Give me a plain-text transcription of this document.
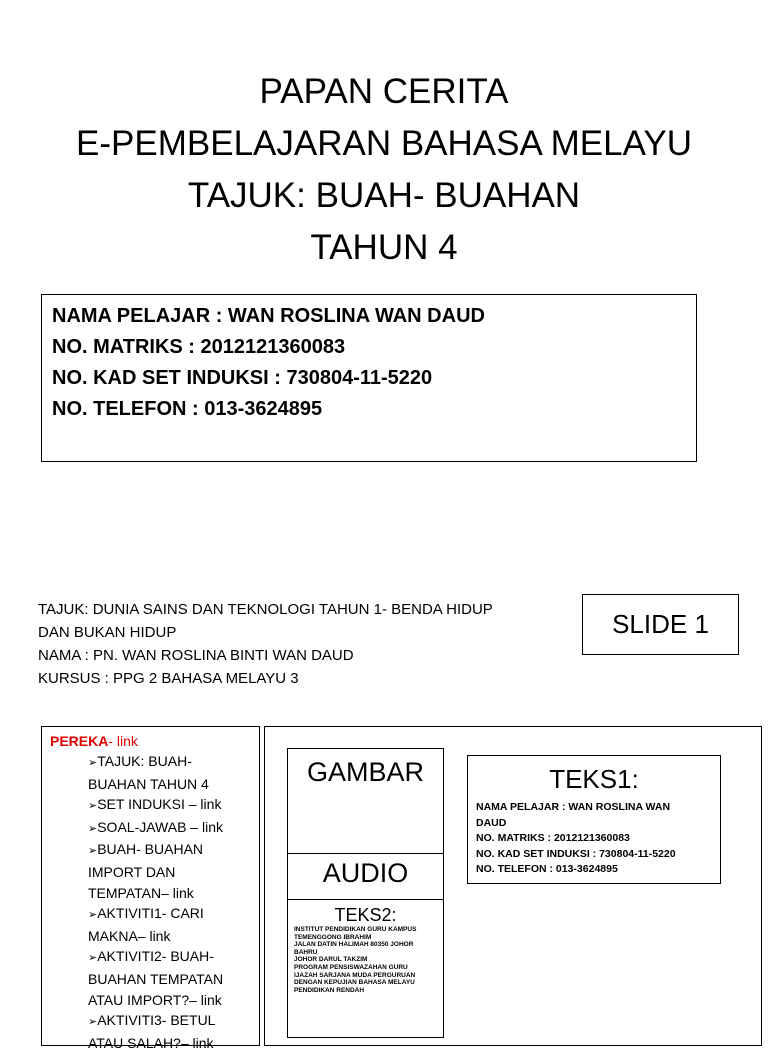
PAPAN CERITA
E-PEMBELAJARAN BAHASA MELAYU
TAJUK: BUAH- BUAHAN
TAHUN 4
NAMA PELAJAR : WAN ROSLINA WAN DAUD
NO. MATRIKS : 2012121360083
NO. KAD SET INDUKSI : 730804-11-5220
NO. TELEFON : 013-3624895
TAJUK: DUNIA SAINS DAN TEKNOLOGI TAHUN 1- BENDA HIDUP
DAN BUKAN HIDUP
NAMA : PN. WAN ROSLINA BINTI WAN DAUD
KURSUS : PPG 2 BAHASA MELAYU 3
SLIDE 1
PEREKA- link
➢TAJUK: BUAH-
BUAHAN TAHUN 4
➢SET INDUKSI – link
➢SOAL-JAWAB – link
➢BUAH- BUAHAN
IMPORT DAN
TEMPATAN– link
➢AKTIVITI1- CARI
MAKNA– link
➢AKTIVITI2- BUAH-
BUAHAN TEMPATAN
ATAU IMPORT?– link
➢AKTIVITI3- BETUL
ATAU SALAH?– link
GAMBAR
AUDIO
TEKS2:
INSTITUT PENDIDIKAN GURU KAMPUS
TEMENGGONG IBRAHIM
JALAN DATIN HALIMAH 80350 JOHOR
BAHRU
JOHOR DARUL TAKZIM
PROGRAM PENSISWAZAHAN GURU
IJAZAH SARJANA MUDA PERGURUAN
DENGAN KEPUJIAN BAHASA MELAYU
PENDIDIKAN RENDAH
TEKS1:
NAMA PELAJAR : WAN ROSLINA WAN
DAUD
NO. MATRIKS : 2012121360083
NO. KAD SET INDUKSI : 730804-11-5220
NO. TELEFON : 013-3624895
